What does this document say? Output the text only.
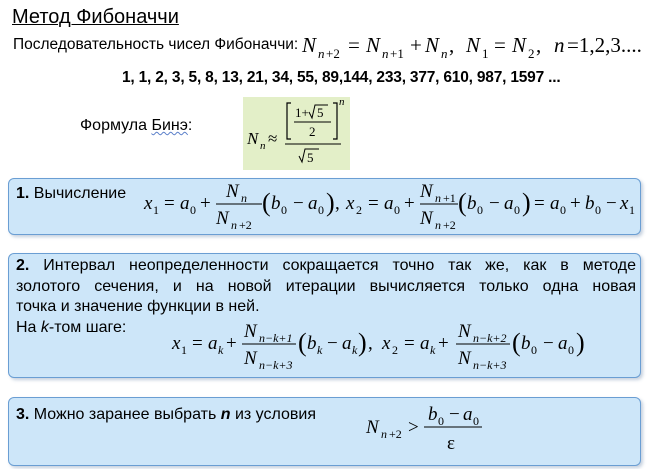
Метод Фибоначчи
Последовательность чисел Фибоначчи: N n +2 = N n +1 + N n , N 1 = N 2 , n =1,2,3....
1, 1, 2, 3, 5, 8, 13, 21, 34, 55, 89,144, 233, 377, 610, 987, 1597 ...
Формула Бинэ:
N n ≈
n
1+ 5
2
5
1. Вычисление x 1 = a 0 +
N n
N n +2
( b 0 − a 0 ) , x 2 = a 0 +
N n +1
N n +2
( b 0 − a 0 ) = a 0 + b 0 − x 1
2. Интервал неопределенности сокращается точно так же, как в методе
золотого сечения, и на новой итерации вычисляется только одна новая
точка и значение функции в ней.
На k-том шаге:
x 1 = a k +
N n−k+1
N n−k+3
( b k − a k ) , x 2 = a k +
N n−k+2
N n−k+3
( b 0 − a 0 )
3. Можно заранее выбрать n из условия
N n +2 >
b 0 − a 0
ε
